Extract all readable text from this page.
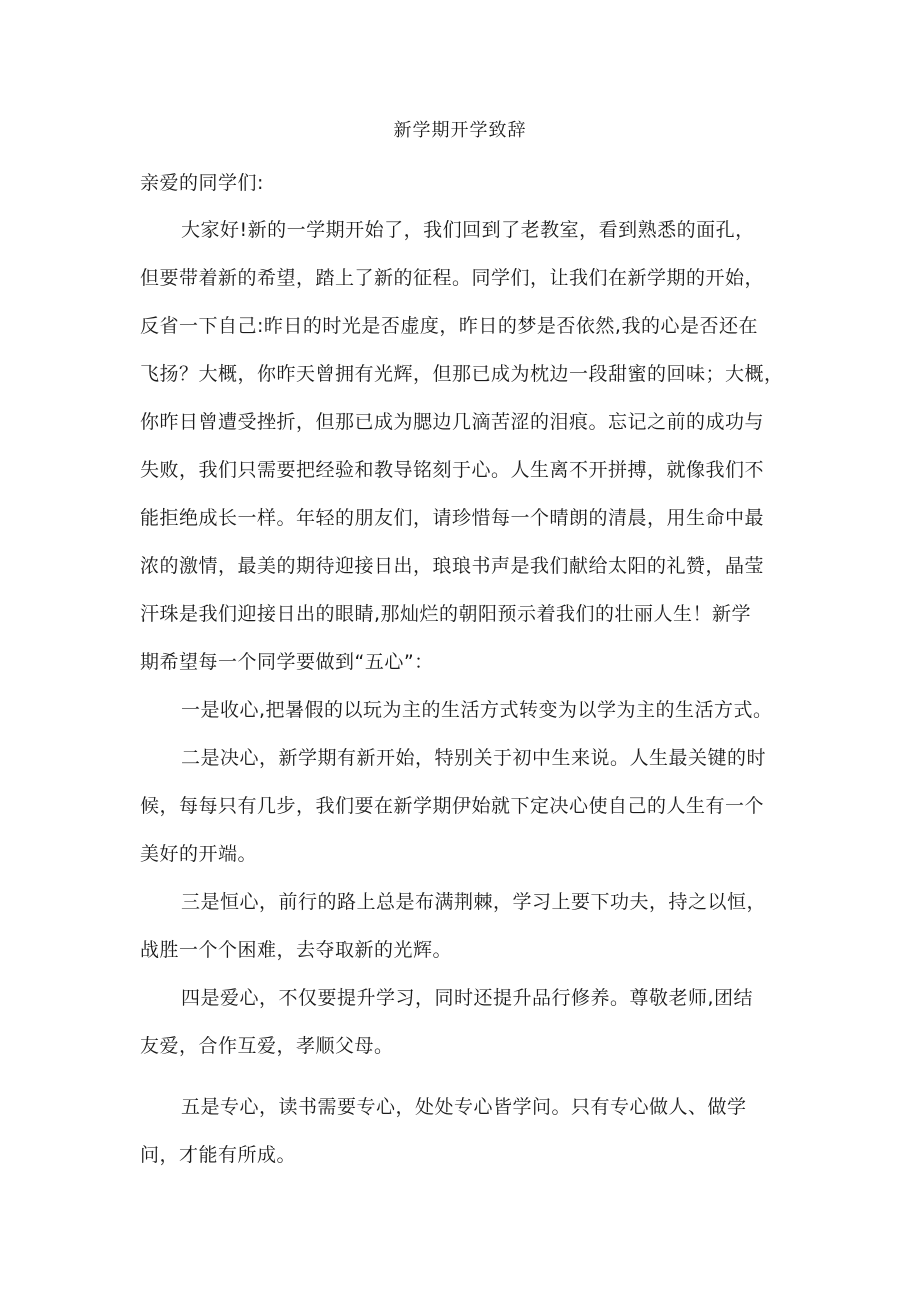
新学期开学致辞
亲爱的同学们:
大家好!新的一学期开始了，我们回到了老教室，看到熟悉的面孔，
但要带着新的希望，踏上了新的征程。同学们，让我们在新学期的开始，
反省一下自己:昨日的时光是否虚度，昨日的梦是否依然,我的心是否还在
飞扬？大概，你昨天曾拥有光辉，但那已成为枕边一段甜蜜的回味；大概，
你昨日曾遭受挫折，但那已成为腮边几滴苦涩的泪痕。忘记之前的成功与
失败，我们只需要把经验和教导铭刻于心。人生离不开拼搏，就像我们不
能拒绝成长一样。年轻的朋友们，请珍惜每一个晴朗的清晨，用生命中最
浓的激情，最美的期待迎接日出，琅琅书声是我们献给太阳的礼赞，晶莹
汗珠是我们迎接日出的眼睛,那灿烂的朝阳预示着我们的壮丽人生！新学
期希望每一个同学要做到“五心”：
一是收心,把暑假的以玩为主的生活方式转变为以学为主的生活方式。
二是决心，新学期有新开始，特别关于初中生来说。人生最关键的时
候，每每只有几步，我们要在新学期伊始就下定决心使自己的人生有一个
美好的开端。
三是恒心，前行的路上总是布满荆棘，学习上要下功夫，持之以恒，
战胜一个个困难，去夺取新的光辉。
四是爱心，不仅要提升学习，同时还提升品行修养。尊敬老师,团结
友爱，合作互爱，孝顺父母。
五是专心，读书需要专心，处处专心皆学问。只有专心做人、做学
问，才能有所成。
